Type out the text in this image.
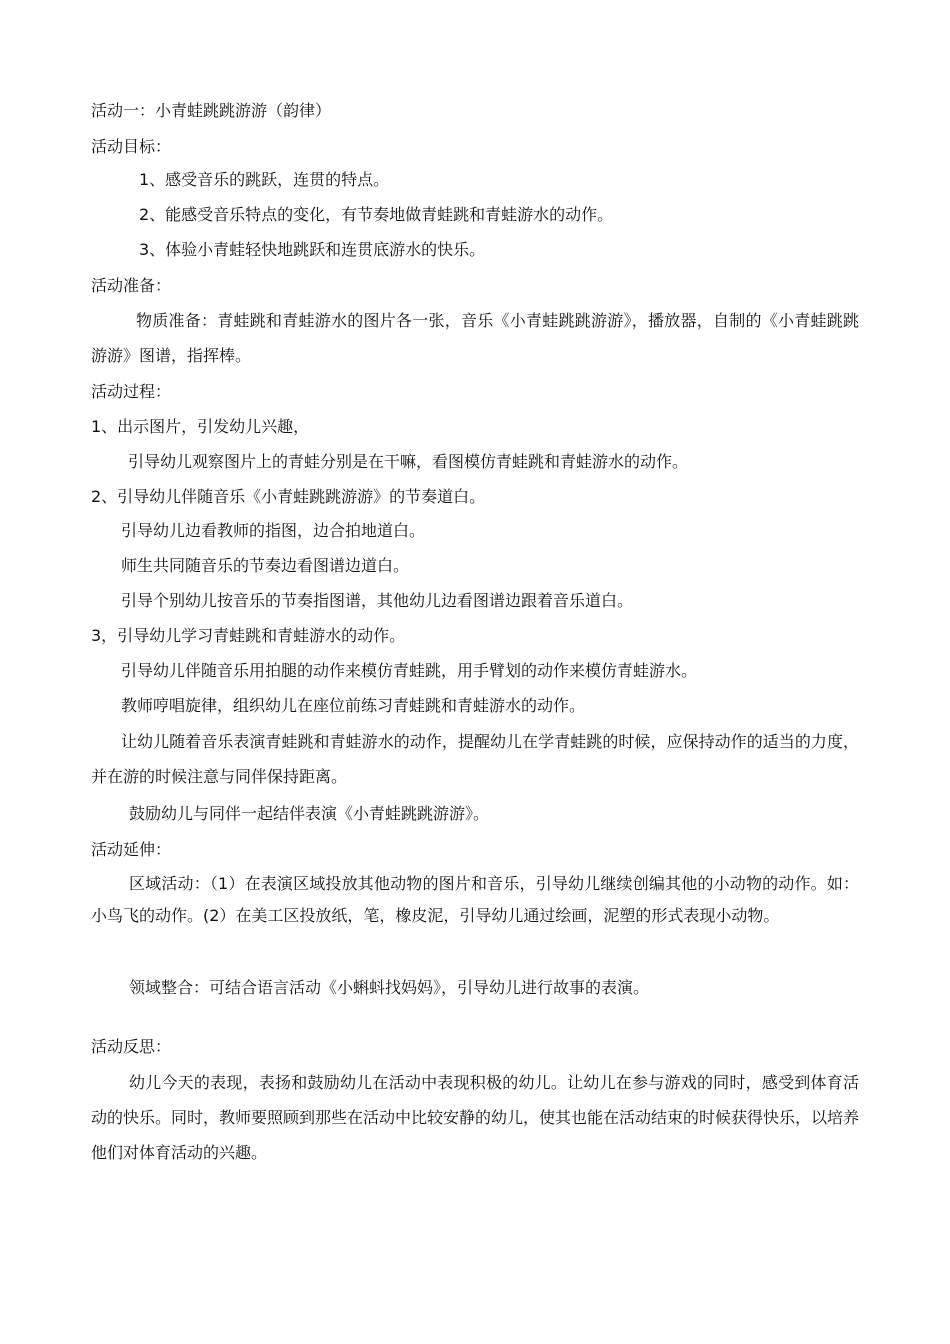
活动一：小青蛙跳跳游游（韵律）
活动目标：
1、感受音乐的跳跃，连贯的特点。
2、能感受音乐特点的变化，有节奏地做青蛙跳和青蛙游水的动作。
3、体验小青蛙轻快地跳跃和连贯底游水的快乐。
活动准备：
物质准备：青蛙跳和青蛙游水的图片各一张，音乐《小青蛙跳跳游游》，播放器，自制的《小青蛙跳跳游游》图谱，指挥棒。
活动过程：
1、出示图片，引发幼儿兴趣，
引导幼儿观察图片上的青蛙分别是在干嘛，看图模仿青蛙跳和青蛙游水的动作。
2、引导幼儿伴随音乐《小青蛙跳跳游游》的节奏道白。
引导幼儿边看教师的指图，边合拍地道白。
师生共同随音乐的节奏边看图谱边道白。
引导个别幼儿按音乐的节奏指图谱，其他幼儿边看图谱边跟着音乐道白。
3，引导幼儿学习青蛙跳和青蛙游水的动作。
引导幼儿伴随音乐用拍腿的动作来模仿青蛙跳，用手臂划的动作来模仿青蛙游水。
教师哼唱旋律，组织幼儿在座位前练习青蛙跳和青蛙游水的动作。
让幼儿随着音乐表演青蛙跳和青蛙游水的动作，提醒幼儿在学青蛙跳的时候，应保持动作的适当的力度，并在游的时候注意与同伴保持距离。
鼓励幼儿与同伴一起结伴表演《小青蛙跳跳游游》。
活动延伸：
区域活动：（1）在表演区域投放其他动物的图片和音乐，引导幼儿继续创编其他的小动物的动作。如：小鸟飞的动作。(2）在美工区投放纸，笔，橡皮泥，引导幼儿通过绘画，泥塑的形式表现小动物。
领域整合：可结合语言活动《小蝌蚪找妈妈》，引导幼儿进行故事的表演。
活动反思：
幼儿今天的表现，表扬和鼓励幼儿在活动中表现积极的幼儿。让幼儿在参与游戏的同时，感受到体育活动的快乐。同时，教师要照顾到那些在活动中比较安静的幼儿，使其也能在活动结束的时候获得快乐，以培养他们对体育活动的兴趣。
